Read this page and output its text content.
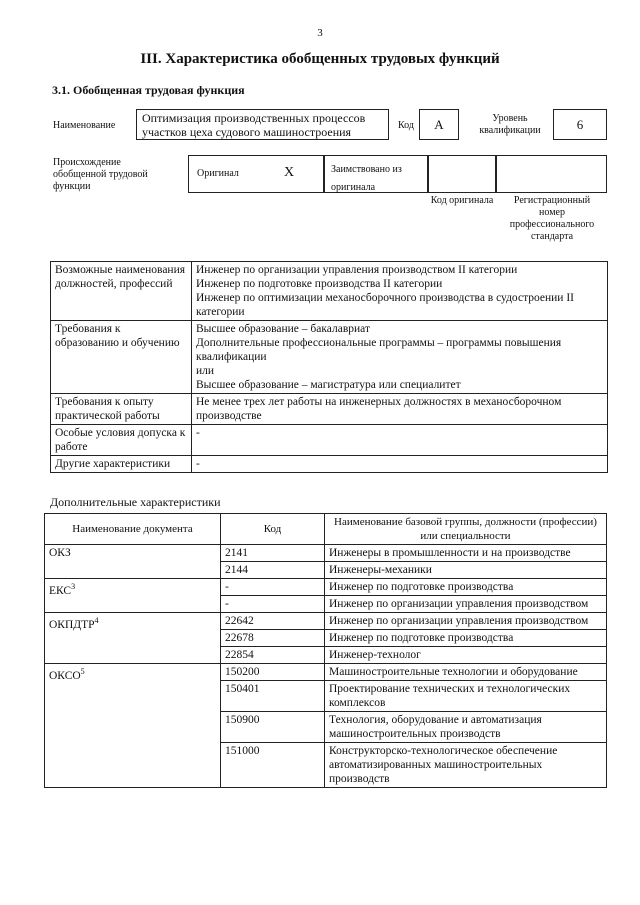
3
III. Характеристика обобщенных трудовых функций
3.1. Обобщенная трудовая функция
Наименование
Оптимизация производственных процессов участков цеха судового машиностроения	Код	A	Уровень квалификации	6
Происхождение обобщенной трудовой функции
Оригинал	X	Заимствовано из оригинала
Код оригинала	Регистрационный номер профессионального стандарта
Возможные наименования должностей, профессий	Инженер по организации управления производством II категории
Инженер по подготовке производства II категории
Инженер по оптимизации механосборочного производства в судостроении II категории

Требования к образованию и обучению	Высшее образование – бакалавриат
Дополнительные профессиональные программы – программы повышения квалификации
или
Высшее образование – магистратура или специалитет

Требования к опыту практической работы	Не менее трех лет работы на инженерных должностях в механосборочном производстве

Особые условия допуска к работе	-

Другие характеристики	-
Дополнительные характеристики
Наименование документа	Код	Наименование базовой группы, должности (профессии) или специальности
ОКЗ	2141	Инженеры в промышленности и на производстве
	2144	Инженеры-механики
ЕКС$^3$	-	Инженер по подготовке производства
	-	Инженер по организации управления производством
ОКПДТР$^4$	22642	Инженер по организации управления производством
	22678	Инженер по подготовке производства
	22854	Инженер-технолог
ОКСО$^5$	150200	Машиностроительные технологии и оборудование
	150401	Проектирование технических и технологических комплексов
	150900	Технология, оборудование и автоматизация машиностроительных производств
	151000	Конструкторско-технологическое обеспечение автоматизированных машиностроительных производств
